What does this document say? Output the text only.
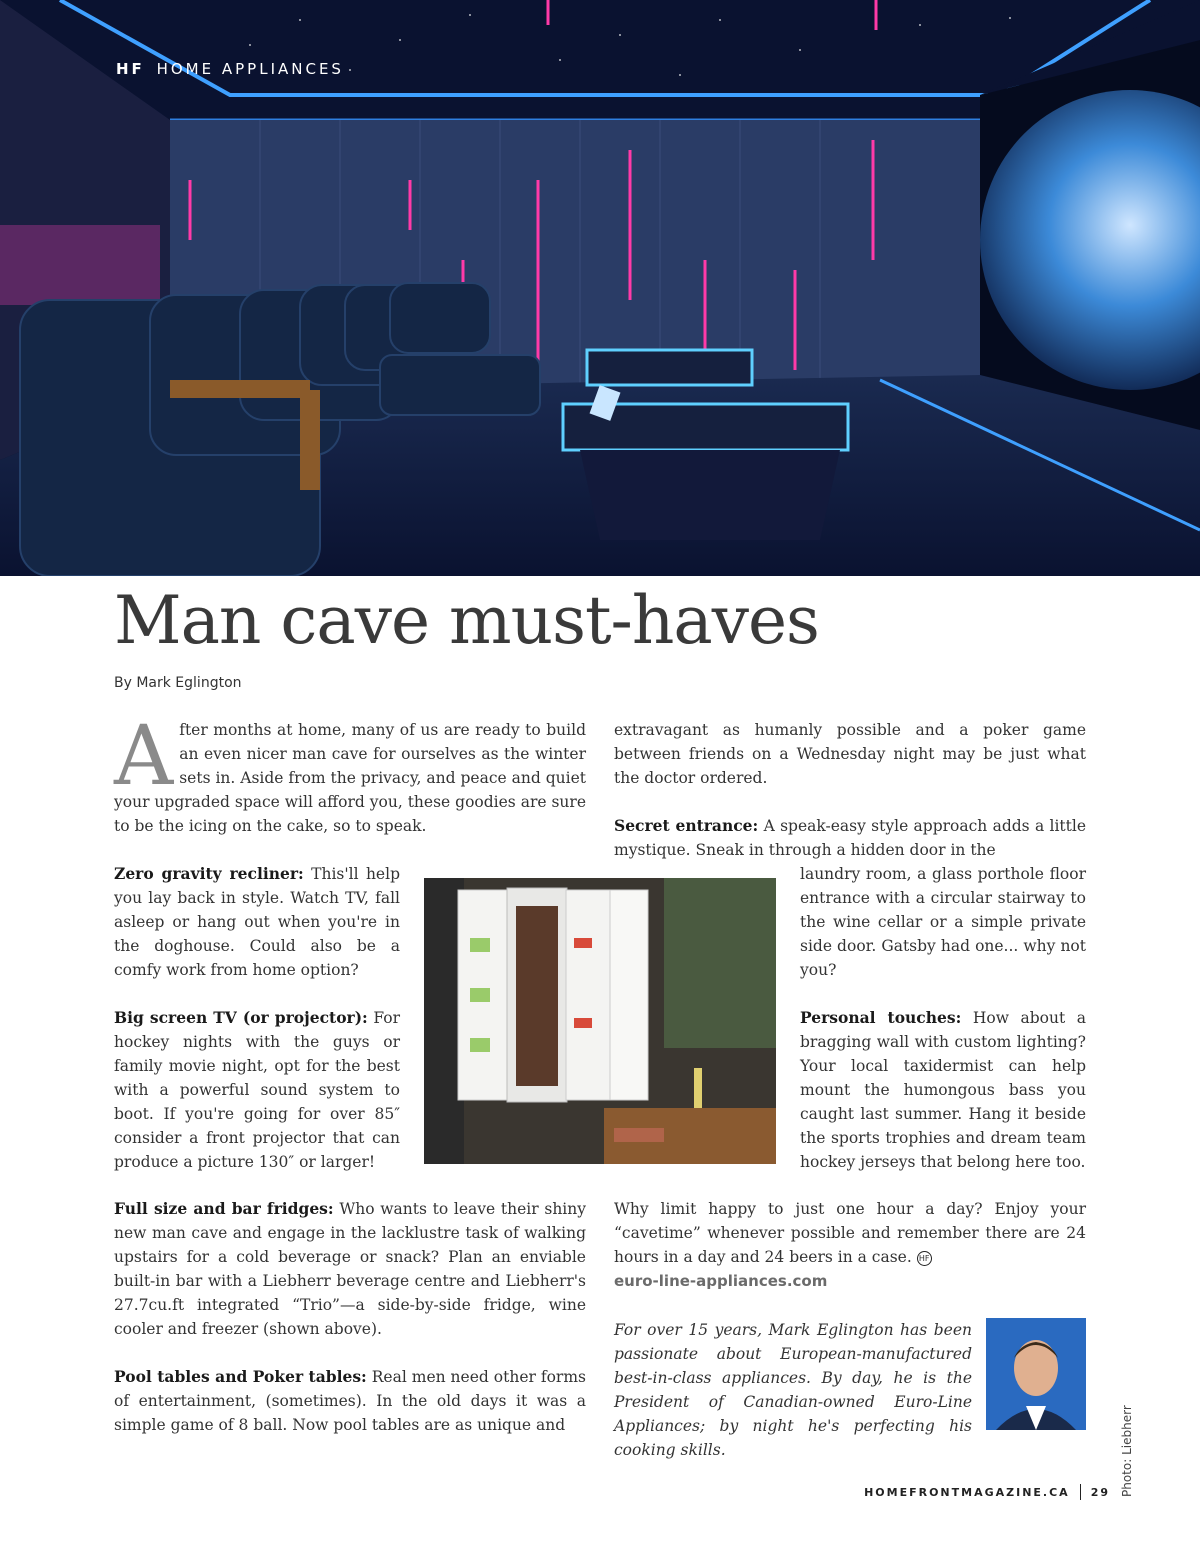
HF HOME APPLIANCES
Man cave must-haves
By Mark Eglington

After months at home, many of us are ready to build an even nicer man cave for ourselves as the winter sets in. Aside from the privacy, and peace and quiet your upgraded space will afford you, these goodies are sure to be the icing on the cake, so to speak.

Zero gravity recliner: This'll help you lay back in style. Watch TV, fall asleep or hang out when you're in the doghouse. Could also be a comfy work from home option?

Big screen TV (or projector): For hockey nights with the guys or family movie night, opt for the best with a powerful sound system to boot. If you're going for over 85″ consider a front projector that can produce a picture 130″ or larger!

Full size and bar fridges: Who wants to leave their shiny new man cave and engage in the lacklustre task of walking upstairs for a cold beverage or snack? Plan an enviable built-in bar with a Liebherr beverage centre and Liebherr's 27.7cu.ft integrated “Trio”—a side-by-side fridge, wine cooler and freezer (shown above).

Pool tables and Poker tables: Real men need other forms of entertainment, (sometimes). In the old days it was a simple game of 8 ball. Now pool tables are as unique and

extravagant as humanly possible and a poker game between friends on a Wednesday night may be just what the doctor ordered.

Secret entrance: A speak-easy style approach adds a little mystique. Sneak in through a hidden door in the

laundry room, a glass porthole floor entrance with a circular stairway to the wine cellar or a simple private side door. Gatsby had one... why not you?

Personal touches: How about a bragging wall with custom lighting? Your local taxidermist can help mount the humongous bass you caught last summer. Hang it beside the sports trophies and dream team hockey jerseys that belong here too.

Why limit happy to just one hour a day? Enjoy your “cavetime” whenever possible and remember there are 24 hours in a day and 24 beers in a case. HF
euro-line-appliances.com

For over 15 years, Mark Eglington has been passionate about European-manufactured best-in-class appliances. By day, he is the President of Canadian-owned Euro-Line Appliances; by night he's perfecting his cooking skills.	Photo: Liebherr
HOMEFRONTMAGAZINE.CA 29
